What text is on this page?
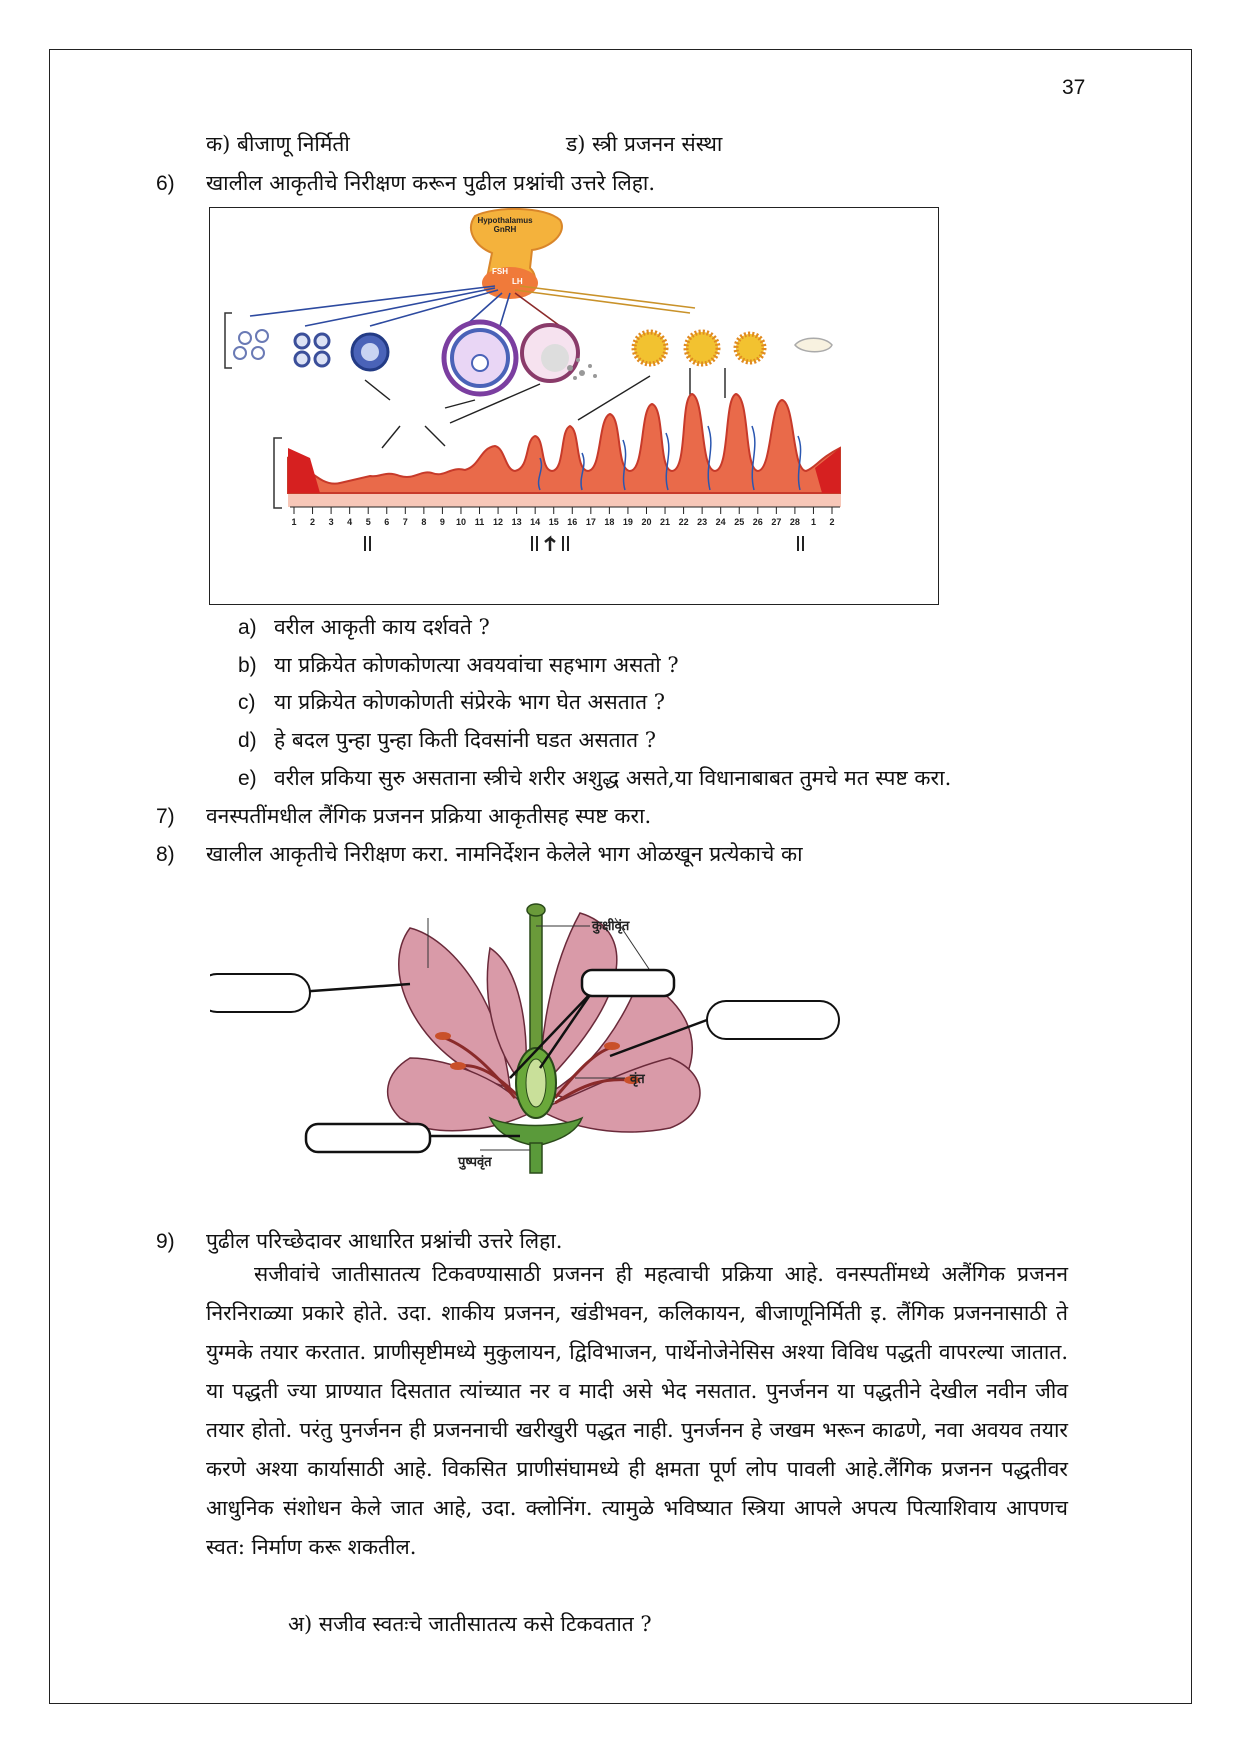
37
क) बीजाणू निर्मिती	ड) स्त्री प्रजनन संस्था
6) खालील आकृतीचे निरीक्षण करून पुढील प्रश्नांची उत्तरे लिहा.
Hypothalamus
GnRH
FSH
LH
1 2 3 4 5 6 7 8 9 10 11 12 13 14 15 16 17 18 19 20 21 22 23 24 25 26 27 28 1 2
a) वरील आकृती काय दर्शवते ?
b) या प्रक्रियेत कोणकोणत्या अवयवांचा सहभाग असतो ?
c) या प्रक्रियेत कोणकोणती संप्रेरके भाग घेत असतात ?
d) हे बदल पुन्हा पुन्हा किती दिवसांनी घडत असतात ?
e) वरील प्रकिया सुरु असताना स्त्रीचे शरीर अशुद्ध असते,या विधानाबाबत तुमचे मत स्पष्ट करा.
7) वनस्पतींमधील लैंगिक प्रजनन प्रक्रिया आकृतीसह स्पष्ट करा.
8) खालील आकृतीचे निरीक्षण करा. नामनिर्देशन केलेले भाग ओळखून प्रत्येकाचे का
कुक्षीवृंत
वृंत
पुष्पवृंत
9) पुढील परिच्छेदावर आधारित प्रश्नांची उत्तरे लिहा.

सजीवांचे जातीसातत्य टिकवण्यासाठी प्रजनन ही महत्वाची प्रक्रिया आहे. वनस्पतींमध्ये अलैंगिक प्रजनन निरनिराळ्या प्रकारे होते. उदा. शाकीय प्रजनन, खंडीभवन, कलिकायन, बीजाणूनिर्मिती इ. लैंगिक प्रजननासाठी ते युग्मके तयार करतात. प्राणीसृष्टीमध्ये मुकुलायन, द्विविभाजन, पार्थेनोजेनेसिस अश्या विविध पद्धती वापरल्या जातात. या पद्धती ज्या प्राण्यात दिसतात त्यांच्यात नर व मादी असे भेद नसतात. पुनर्जनन या पद्धतीने देखील नवीन जीव तयार होतो. परंतु पुनर्जनन ही प्रजननाची खरीखुरी पद्धत नाही. पुनर्जनन हे जखम भरून काढणे, नवा अवयव तयार करणे अश्या कार्यासाठी आहे. विकसित प्राणीसंघामध्ये ही क्षमता पूर्ण लोप पावली आहे.लैंगिक प्रजनन पद्धतीवर आधुनिक संशोधन केले जात आहे, उदा. क्लोनिंग. त्यामुळे भविष्यात स्त्रिया आपले अपत्य पित्याशिवाय आपणच स्वत: निर्माण करू शकतील.

अ) सजीव स्वतःचे जातीसातत्य कसे टिकवतात ?
